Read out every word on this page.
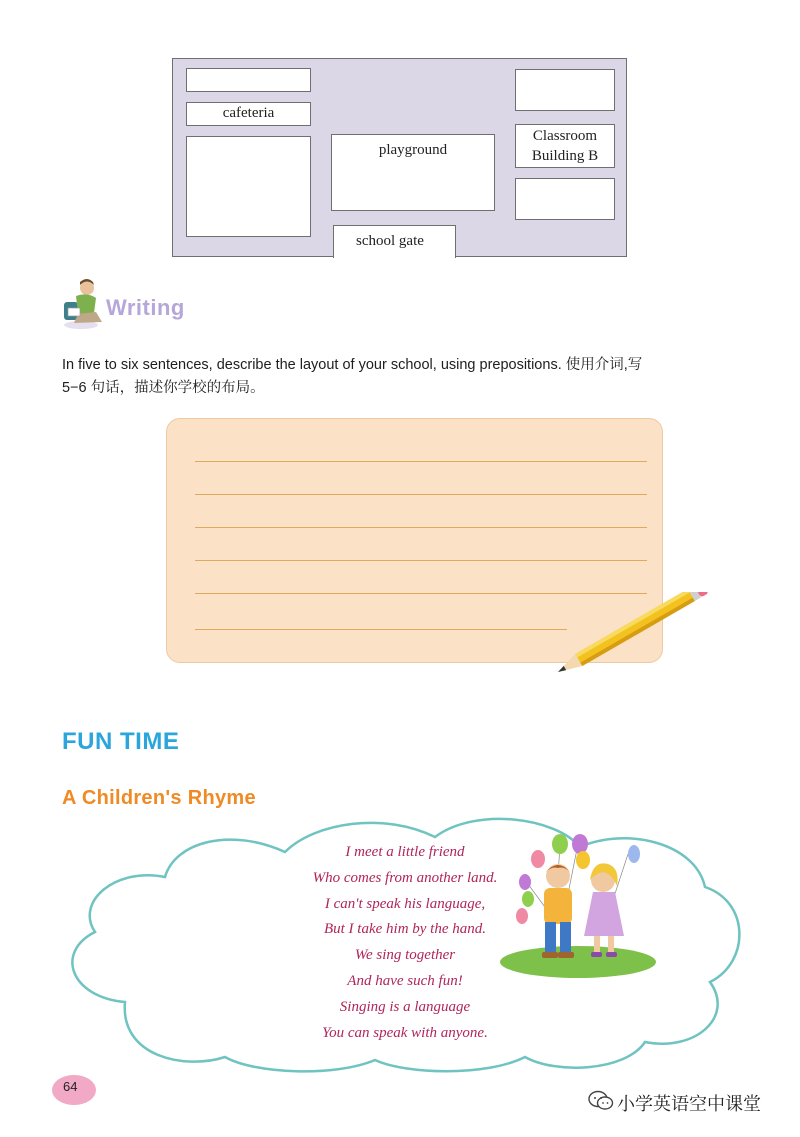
cafeteria
playground
school gate
Classroom
Building B
Writing
In five to six sentences, describe the layout of your school, using prepositions. 使用介词,写
5−6 句话，描述你学校的布局。
FUN TIME
A Children's Rhyme
I meet a little friend
Who comes from another land.
I can't speak his language,
But I take him by the hand.
We sing together
And have such fun!
Singing is a language
You can speak with anyone.
64
小学英语空中课堂
